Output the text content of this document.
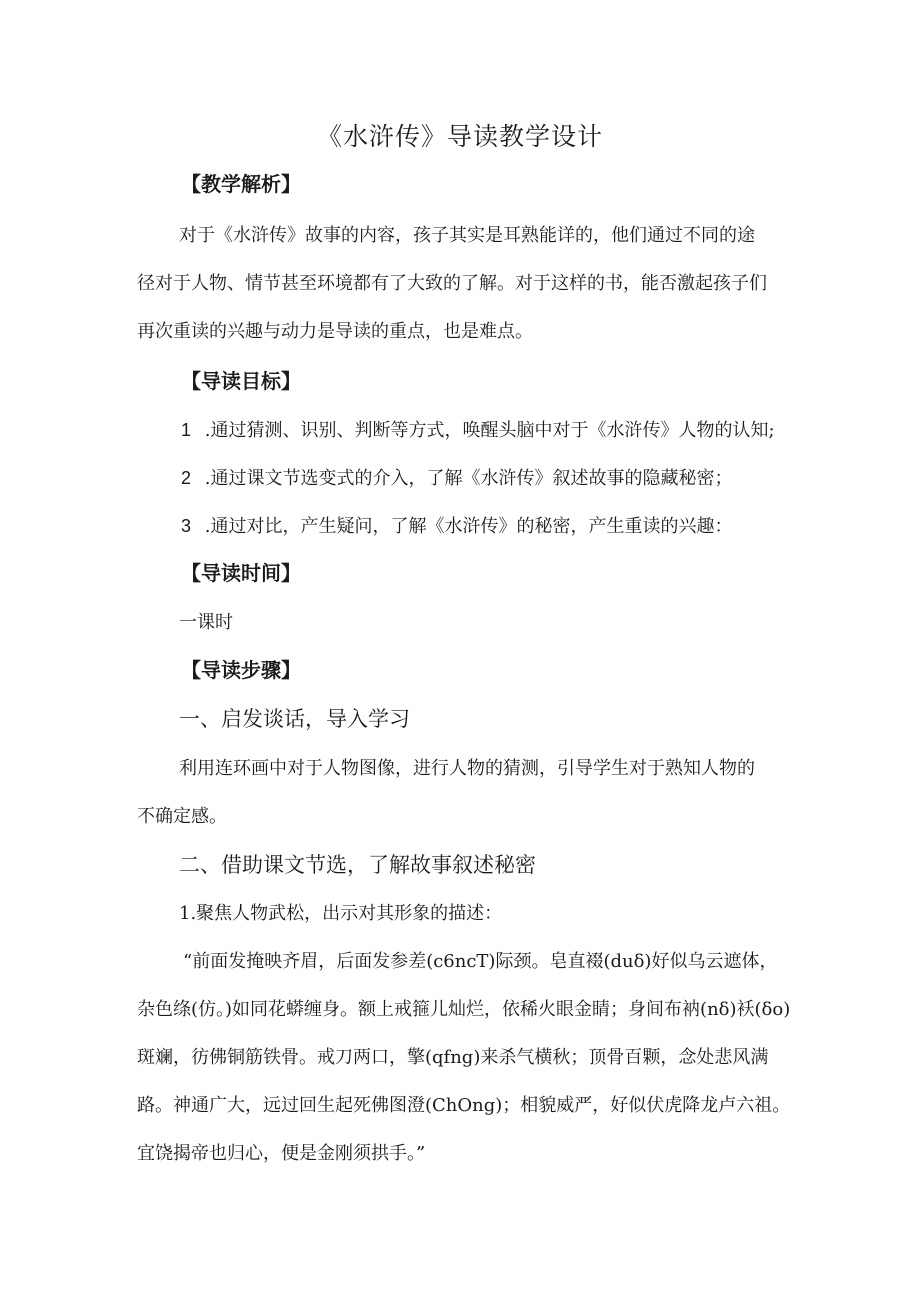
《水浒传》导读教学设计
【教学解析】
对于《水浒传》故事的内容，孩子其实是耳熟能详的，他们通过不同的途
径对于人物、情节甚至环境都有了大致的了解。对于这样的书，能否激起孩子们
再次重读的兴趣与动力是导读的重点，也是难点。
【导读目标】
1 .通过猜测、识别、判断等方式，唤醒头脑中对于《水浒传》人物的认知;
2 .通过课文节选变式的介入，了解《水浒传》叙述故事的隐藏秘密；
3 .通过对比，产生疑问，了解《水浒传》的秘密，产生重读的兴趣：
【导读时间】
一课时
【导读步骤】
一、启发谈话，导入学习
利用连环画中对于人物图像，进行人物的猜测，引导学生对于熟知人物的
不确定感。
二、借助课文节选，了解故事叙述秘密
1.聚焦人物武松，出示对其形象的描述：
“前面发掩映齐眉，后面发参差(c6ncT)际颈。皂直裰(duδ)好似乌云遮体，
杂色绦(仿。)如同花蟒缠身。额上戒箍儿灿烂，依稀火眼金睛；身间布衲(nδ)袄(δo)
斑斓，彷佛铜筋铁骨。戒刀两口，擎(qfng)来杀气横秋；顶骨百颗，念处悲风满
路。神通广大，远过回生起死佛图澄(ChOng)；相貌威严，好似伏虎降龙卢六祖。
宜饶揭帝也归心，便是金刚须拱手。”
